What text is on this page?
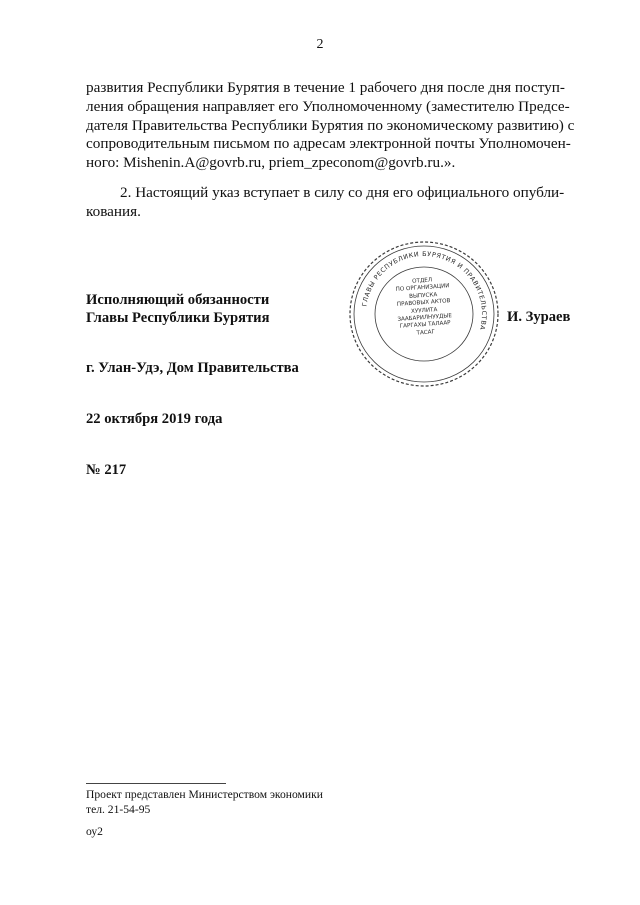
2
развития Республики Бурятия в течение 1 рабочего дня после дня поступ-
ления обращения направляет его Уполномоченному (заместителю Предсе-
дателя Правительства Республики Бурятия по экономическому развитию) с
сопроводительным письмом по адресам электронной почты Уполномочен-
ного: Mishenin.A@govrb.ru, priem_zpeconom@govrb.ru.».
2. Настоящий указ вступает в силу со дня его официального опубли-
кования.
Исполняющий обязанности
Главы Республики Бурятия
ГЛАВЫ РЕСПУБЛИКИ БУРЯТИЯ И ПРАВИТЕЛЬСТВА
ОТДЕЛ
ПО ОРГАНИЗАЦИИ
ВЫПУСКА
ПРАВОВЫХ АКТОВ
ХУУЛИТА
ЗААБАРИЛНУУДЫЕ
ГАРГАХЫ ТАЛААР
ТАСАГ
И. Зураев
г. Улан-Удэ, Дом Правительства
22 октября 2019 года
№ 217
Проект представлен Министерством экономики
тел. 21-54-95
оу2
